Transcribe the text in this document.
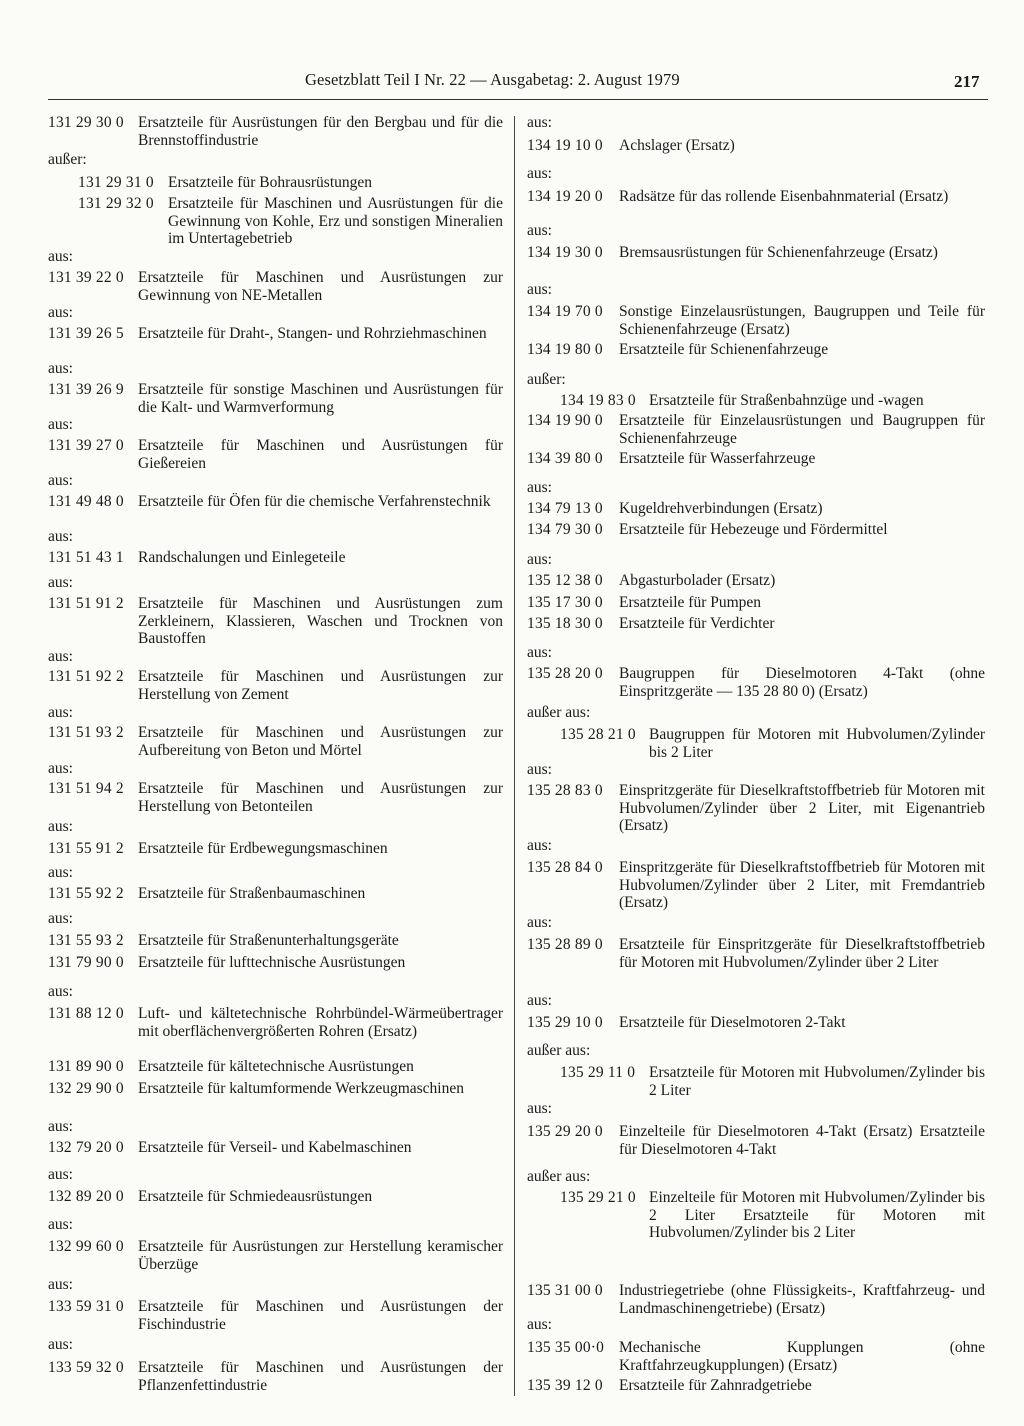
Gesetzblatt Teil I Nr. 22 — Ausgabetag: 2. August 1979	217
131 29 30 0 Ersatzteile für Ausrüstungen für den Bergbau und für die Brennstoffindustrie
außer:
131 29 31 0 Ersatzteile für Bohrausrüstungen
131 29 32 0 Ersatzteile für Maschinen und Ausrüstungen für die Gewinnung von Kohle, Erz und sonstigen Mineralien im Untertagebetrieb
aus:
131 39 22 0 Ersatzteile für Maschinen und Ausrüstungen zur Gewinnung von NE-Metallen
aus:
131 39 26 5 Ersatzteile für Draht-, Stangen- und Rohrziehmaschinen
aus:
131 39 26 9 Ersatzteile für sonstige Maschinen und Ausrüstungen für die Kalt- und Warmverformung
aus:
131 39 27 0 Ersatzteile für Maschinen und Ausrüstungen für Gießereien
aus:
131 49 48 0 Ersatzteile für Öfen für die chemische Verfahrenstechnik
aus:
131 51 43 1 Randschalungen und Einlegeteile
aus:
131 51 91 2 Ersatzteile für Maschinen und Ausrüstungen zum Zerkleinern, Klassieren, Waschen und Trocknen von Baustoffen
aus:
131 51 92 2 Ersatzteile für Maschinen und Ausrüstungen zur Herstellung von Zement
aus:
131 51 93 2 Ersatzteile für Maschinen und Ausrüstungen zur Aufbereitung von Beton und Mörtel
aus:
131 51 94 2 Ersatzteile für Maschinen und Ausrüstungen zur Herstellung von Betonteilen
aus:
131 55 91 2 Ersatzteile für Erdbewegungsmaschinen
aus:
131 55 92 2 Ersatzteile für Straßenbaumaschinen
aus:
131 55 93 2 Ersatzteile für Straßenunterhaltungsgeräte
131 79 90 0 Ersatzteile für lufttechnische Ausrüstungen
aus:
131 88 12 0 Luft- und kältetechnische Rohrbündel-Wärmeübertrager mit oberflächenvergrößerten Rohren (Ersatz)
131 89 90 0 Ersatzteile für kältetechnische Ausrüstungen
132 29 90 0 Ersatzteile für kaltumformende Werkzeugmaschinen
aus:
132 79 20 0 Ersatzteile für Verseil- und Kabelmaschinen
aus:
132 89 20 0 Ersatzteile für Schmiedeausrüstungen
aus:
132 99 60 0 Ersatzteile für Ausrüstungen zur Herstellung keramischer Überzüge
aus:
133 59 31 0 Ersatzteile für Maschinen und Ausrüstungen der Fischindustrie
aus:
133 59 32 0 Ersatzteile für Maschinen und Ausrüstungen der Pflanzenfettindustrie
aus:
134 19 10 0 Achslager (Ersatz)
aus:
134 19 20 0 Radsätze für das rollende Eisenbahnmaterial (Ersatz)
aus:
134 19 30 0 Bremsausrüstungen für Schienenfahrzeuge (Ersatz)
aus:
134 19 70 0 Sonstige Einzelausrüstungen, Baugruppen und Teile für Schienenfahrzeuge (Ersatz)
134 19 80 0 Ersatzteile für Schienenfahrzeuge
außer:
134 19 83 0 Ersatzteile für Straßenbahnzüge und -wagen
134 19 90 0 Ersatzteile für Einzelausrüstungen und Baugruppen für Schienenfahrzeuge
134 39 80 0 Ersatzteile für Wasserfahrzeuge
aus:
134 79 13 0 Kugeldrehverbindungen (Ersatz)
134 79 30 0 Ersatzteile für Hebezeuge und Fördermittel
aus:
135 12 38 0 Abgasturbolader (Ersatz)
135 17 30 0 Ersatzteile für Pumpen
135 18 30 0 Ersatzteile für Verdichter
aus:
135 28 20 0 Baugruppen für Dieselmotoren 4-Takt (ohne Einspritzgeräte — 135 28 80 0) (Ersatz)
außer aus:
135 28 21 0 Baugruppen für Motoren mit Hubvolumen/Zylinder bis 2 Liter
aus:
135 28 83 0 Einspritzgeräte für Dieselkraftstoffbetrieb für Motoren mit Hubvolumen/Zylinder über 2 Liter, mit Eigenantrieb (Ersatz)
aus:
135 28 84 0 Einspritzgeräte für Dieselkraftstoffbetrieb für Motoren mit Hubvolumen/Zylinder über 2 Liter, mit Fremdantrieb (Ersatz)
aus:
135 28 89 0 Ersatzteile für Einspritzgeräte für Dieselkraftstoffbetrieb für Motoren mit Hubvolumen/Zylinder über 2 Liter
aus:
135 29 10 0 Ersatzteile für Dieselmotoren 2-Takt
außer aus:
135 29 11 0 Ersatzteile für Motoren mit Hubvolumen/Zylinder bis 2 Liter
aus:
135 29 20 0 Einzelteile für Dieselmotoren 4-Takt (Ersatz) Ersatzteile für Dieselmotoren 4-Takt
außer aus:
135 29 21 0 Einzelteile für Motoren mit Hubvolumen/Zylinder bis 2 Liter Ersatzteile für Motoren mit Hubvolumen/Zylinder bis 2 Liter
135 31 00 0 Industriegetriebe (ohne Flüssigkeits-, Kraftfahrzeug- und Landmaschinengetriebe) (Ersatz)
aus:
135 35 00·0 Mechanische Kupplungen (ohne Kraftfahrzeugkupplungen) (Ersatz)
135 39 12 0 Ersatzteile für Zahnradgetriebe
